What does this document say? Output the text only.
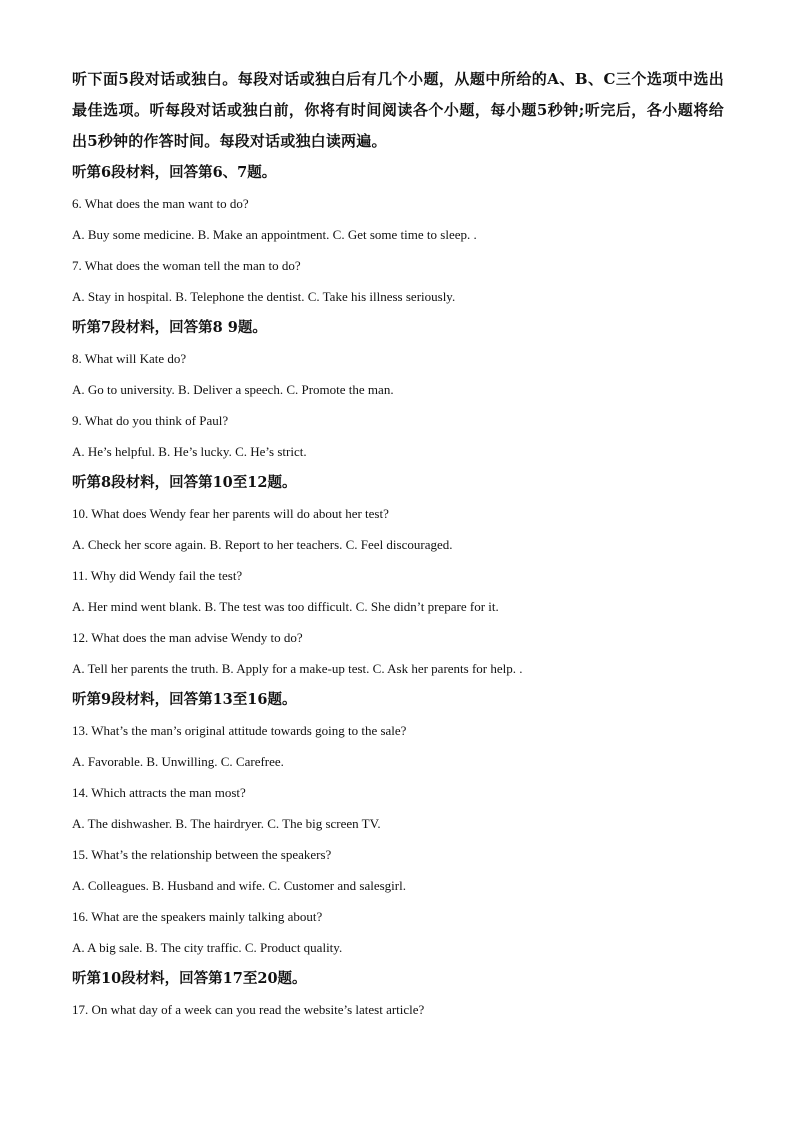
听下面5段对话或独白。每段对话或独白后有几个小题，从题中所给的A、B、C三个选项中选出最佳选项。听每段对话或独白前，你将有时间阅读各个小题，每小题5秒钟;听完后，各小题将给出5秒钟的作答时间。每段对话或独白读两遍。

听第6段材料，回答第6、7题。

6. What does the man want to do?

A. Buy some medicine. B. Make an appointment. C. Get some time to sleep. .

7. What does the woman tell the man to do?

A. Stay in hospital. B. Telephone the dentist. C. Take his illness seriously.

听第7段材料，回答第8 9题。

8. What will Kate do?

A. Go to university. B. Deliver a speech. C. Promote the man.

9. What do you think of Paul?

A. He’s helpful. B. He’s lucky. C. He’s strict.

听第8段材料，回答第10至12题。

10. What does Wendy fear her parents will do about her test?

A. Check her score again. B. Report to her teachers. C. Feel discouraged.

11. Why did Wendy fail the test?

A. Her mind went blank. B. The test was too difficult. C. She didn’t prepare for it.

12. What does the man advise Wendy to do?

A. Tell her parents the truth. B. Apply for a make-up test. C. Ask her parents for help. .

听第9段材料，回答第13至16题。

13. What’s the man’s original attitude towards going to the sale?

A. Favorable. B. Unwilling. C. Carefree.

14. Which attracts the man most?

A. The dishwasher. B. The hairdryer. C. The big screen TV.

15. What’s the relationship between the speakers?

A. Colleagues. B. Husband and wife. C. Customer and salesgirl.

16. What are the speakers mainly talking about?

A. A big sale. B. The city traffic. C. Product quality.

听第10段材料，回答第17至20题。

17. On what day of a week can you read the website’s latest article?
